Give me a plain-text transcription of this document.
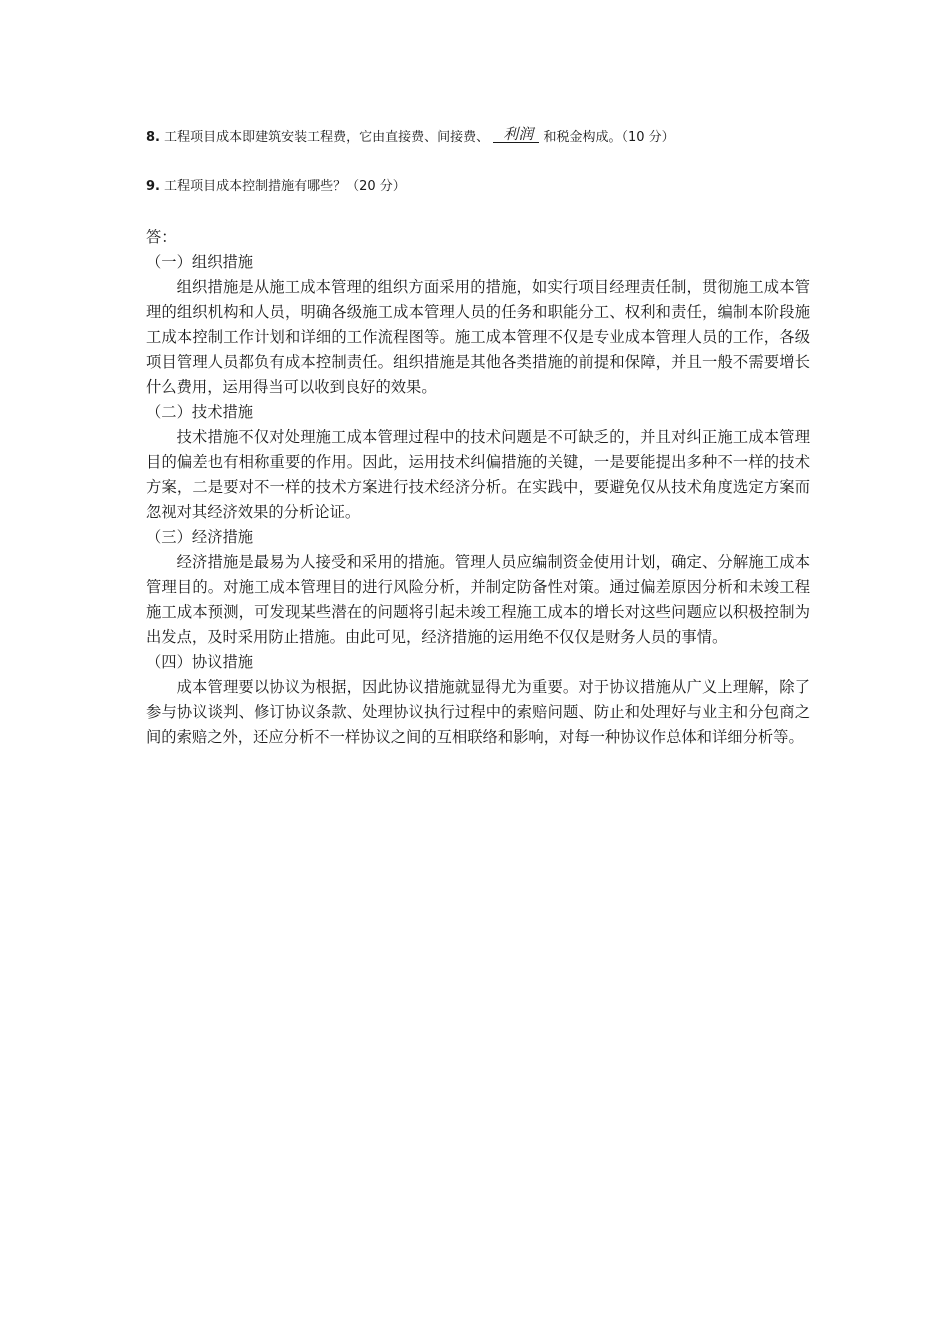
8. 工程项目成本即建筑安装工程费，它由直接费、间接费、 利润 和税金构成。（10 分）
9. 工程项目成本控制措施有哪些？（20 分）

答：

（一）组织措施

组织措施是从施工成本管理的组织方面采用的措施，如实行项目经理责任制，贯彻施工成本管理的组织机构和人员，明确各级施工成本管理人员的任务和职能分工、权利和责任，编制本阶段施工成本控制工作计划和详细的工作流程图等。施工成本管理不仅是专业成本管理人员的工作，各级项目管理人员都负有成本控制责任。组织措施是其他各类措施的前提和保障，并且一般不需要增长什么费用，运用得当可以收到良好的效果。

（二）技术措施

技术措施不仅对处理施工成本管理过程中的技术问题是不可缺乏的，并且对纠正施工成本管理目的偏差也有相称重要的作用。因此，运用技术纠偏措施的关键，一是要能提出多种不一样的技术方案，二是要对不一样的技术方案进行技术经济分析。在实践中，要避免仅从技术角度选定方案而忽视对其经济效果的分析论证。

（三）经济措施

经济措施是最易为人接受和采用的措施。管理人员应编制资金使用计划，确定、分解施工成本管理目的。对施工成本管理目的进行风险分析，并制定防备性对策。通过偏差原因分析和未竣工程施工成本预测，可发现某些潜在的问题将引起未竣工程施工成本的增长对这些问题应以积极控制为出发点，及时采用防止措施。由此可见，经济措施的运用绝不仅仅是财务人员的事情。

（四）协议措施

成本管理要以协议为根据，因此协议措施就显得尤为重要。对于协议措施从广义上理解，除了参与协议谈判、修订协议条款、处理协议执行过程中的索赔问题、防止和处理好与业主和分包商之间的索赔之外，还应分析不一样协议之间的互相联络和影响，对每一种协议作总体和详细分析等。
